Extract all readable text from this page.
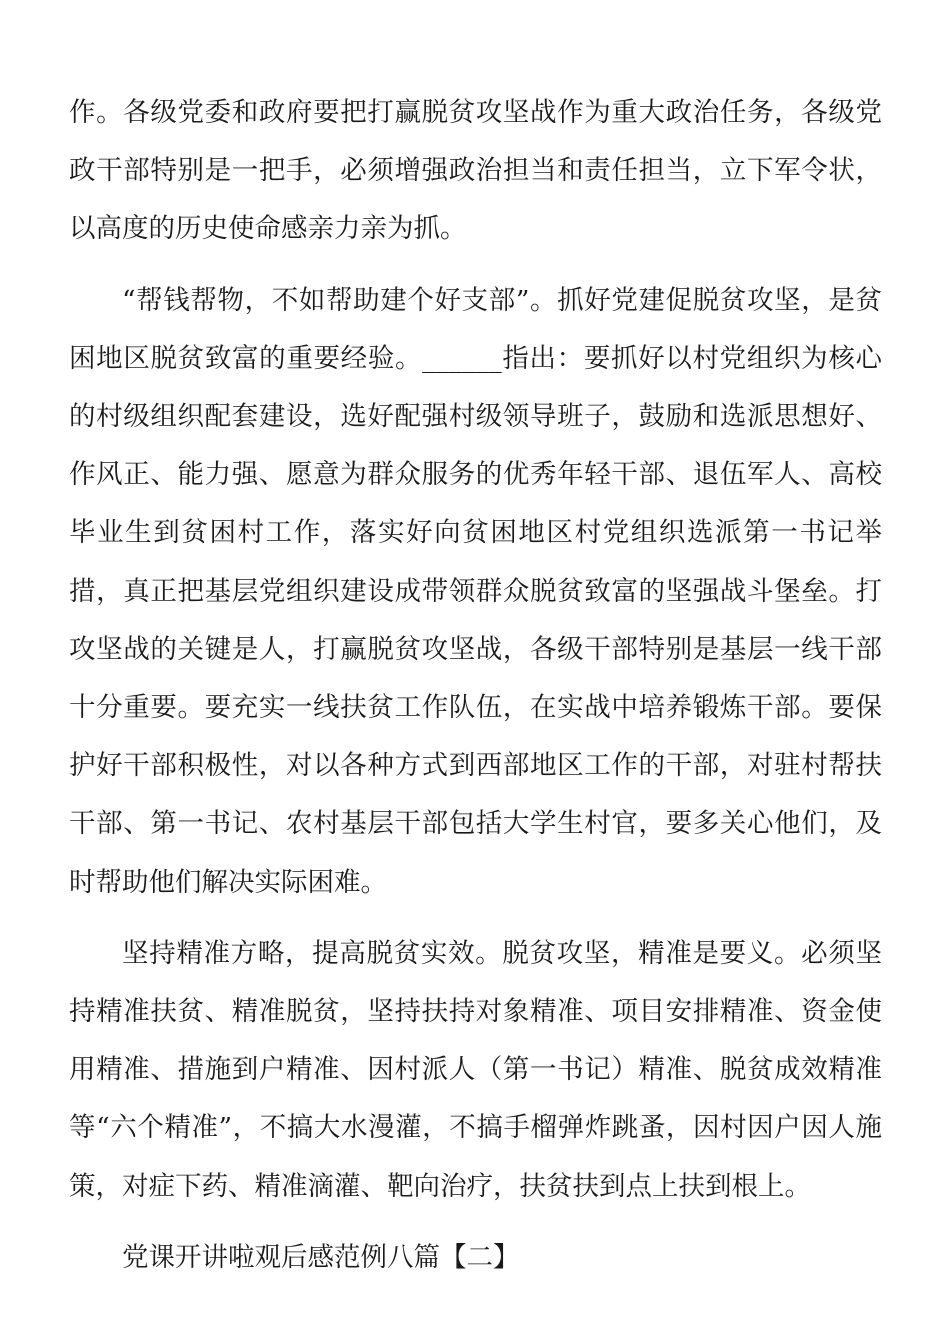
作。各级党委和政府要把打赢脱贫攻坚战作为重大政治任务，各级党政干部特别是一把手，必须增强政治担当和责任担当，立下军令状，以高度的历史使命感亲力亲为抓。

“帮钱帮物，不如帮助建个好支部”。抓好党建促脱贫攻坚，是贫困地区脱贫致富的重要经验。______指出：要抓好以村党组织为核心的村级组织配套建设，选好配强村级领导班子，鼓励和选派思想好、作风正、能力强、愿意为群众服务的优秀年轻干部、退伍军人、高校毕业生到贫困村工作，落实好向贫困地区村党组织选派第一书记举措，真正把基层党组织建设成带领群众脱贫致富的坚强战斗堡垒。打攻坚战的关键是人，打赢脱贫攻坚战，各级干部特别是基层一线干部十分重要。要充实一线扶贫工作队伍，在实战中培养锻炼干部。要保护好干部积极性，对以各种方式到西部地区工作的干部，对驻村帮扶干部、第一书记、农村基层干部包括大学生村官，要多关心他们，及时帮助他们解决实际困难。

坚持精准方略，提高脱贫实效。脱贫攻坚，精准是要义。必须坚持精准扶贫、精准脱贫，坚持扶持对象精准、项目安排精准、资金使用精准、措施到户精准、因村派人（第一书记）精准、脱贫成效精准等“六个精准”，不搞大水漫灌，不搞手榴弹炸跳蚤，因村因户因人施策，对症下药、精准滴灌、靶向治疗，扶贫扶到点上扶到根上。

党课开讲啦观后感范例八篇【二】
